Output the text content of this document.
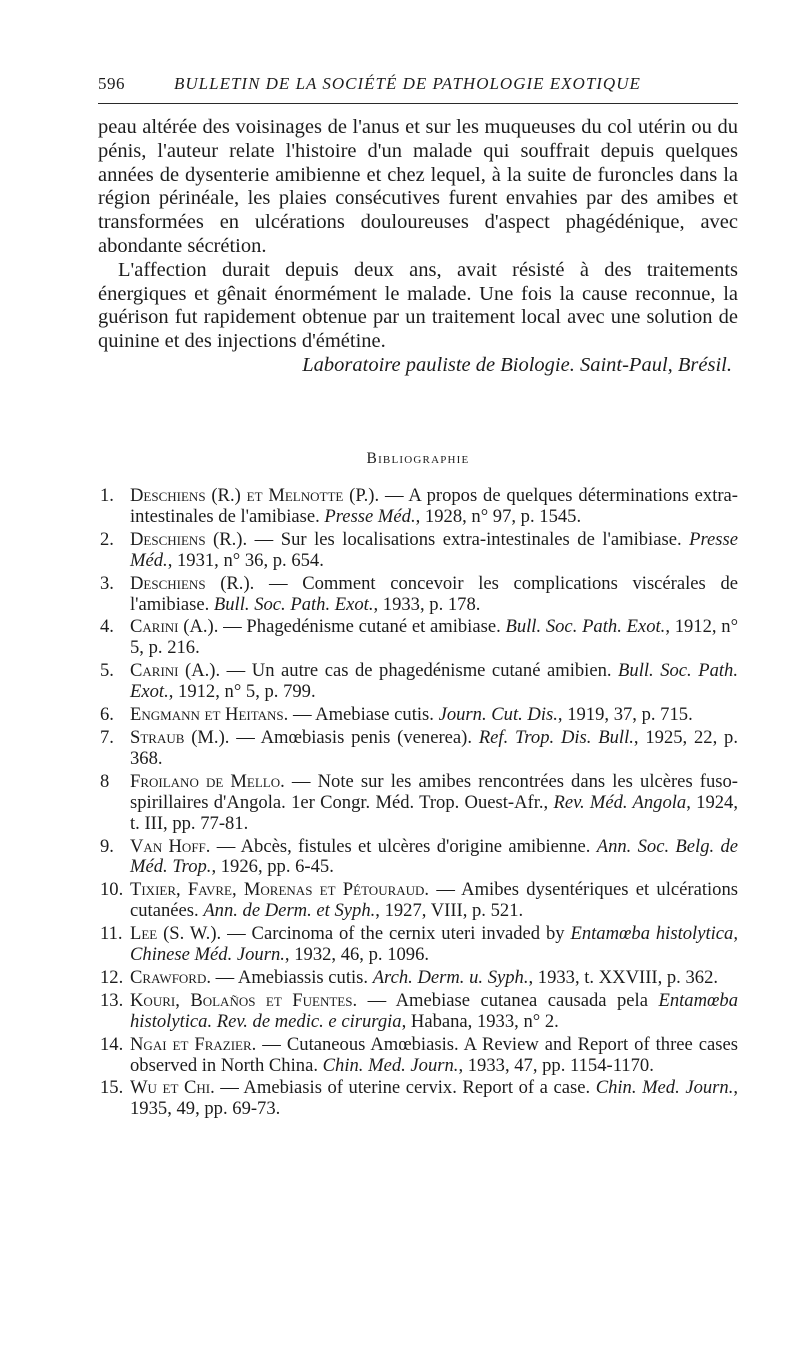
596	BULLETIN DE LA SOCIÉTÉ DE PATHOLOGIE EXOTIQUE

peau altérée des voisinages de l'anus et sur les muqueuses du col utérin ou du pénis, l'auteur relate l'histoire d'un malade qui souffrait depuis quelques années de dysenterie amibienne et chez lequel, à la suite de furoncles dans la région périnéale, les plaies consécutives furent envahies par des amibes et transformées en ulcérations douloureuses d'aspect phagédénique, avec abondante sécrétion.

L'affection durait depuis deux ans, avait résisté à des traitements énergiques et gênait énormément le malade. Une fois la cause reconnue, la guérison fut rapidement obtenue par un traitement local avec une solution de quinine et des injections d'émétine.

Laboratoire pauliste de Biologie. Saint-Paul, Brésil.

Bibliographie
1. Deschiens (R.) et Melnotte (P.). — A propos de quelques déterminations extra-intestinales de l'amibiase. Presse Méd., 1928, n° 97, p. 1545.
2. Deschiens (R.). — Sur les localisations extra-intestinales de l'amibiase. Presse Méd., 1931, n° 36, p. 654.
3. Deschiens (R.). — Comment concevoir les complications viscérales de l'amibiase. Bull. Soc. Path. Exot., 1933, p. 178.
4. Carini (A.). — Phagedénisme cutané et amibiase. Bull. Soc. Path. Exot., 1912, n° 5, p. 216.
5. Carini (A.). — Un autre cas de phagedénisme cutané amibien. Bull. Soc. Path. Exot., 1912, n° 5, p. 799.
6. Engmann et Heitans. — Amebiase cutis. Journ. Cut. Dis., 1919, 37, p. 715.
7. Straub (M.). — Amœbiasis penis (venerea). Ref. Trop. Dis. Bull., 1925, 22, p. 368.
8 Froilano de Mello. — Note sur les amibes rencontrées dans les ulcères fuso-spirillaires d'Angola. 1er Congr. Méd. Trop. Ouest-Afr., Rev. Méd. Angola, 1924, t. III, pp. 77-81.
9. Van Hoff. — Abcès, fistules et ulcères d'origine amibienne. Ann. Soc. Belg. de Méd. Trop., 1926, pp. 6-45.
10. Tixier, Favre, Morenas et Pétouraud. — Amibes dysentériques et ulcérations cutanées. Ann. de Derm. et Syph., 1927, VIII, p. 521.
11. Lee (S. W.). — Carcinoma of the cernix uteri invaded by Entamœba histolytica, Chinese Méd. Journ., 1932, 46, p. 1096.
12. Crawford. — Amebiassis cutis. Arch. Derm. u. Syph., 1933, t. XXVIII, p. 362.
13. Kouri, Bolaños et Fuentes. — Amebiase cutanea causada pela Entamœba histolytica. Rev. de medic. e cirurgia, Habana, 1933, n° 2.
14. Ngai et Frazier. — Cutaneous Amœbiasis. A Review and Report of three cases observed in North China. Chin. Med. Journ., 1933, 47, pp. 1154-1170.
15. Wu et Chi. — Amebiasis of uterine cervix. Report of a case. Chin. Med. Journ., 1935, 49, pp. 69-73.
